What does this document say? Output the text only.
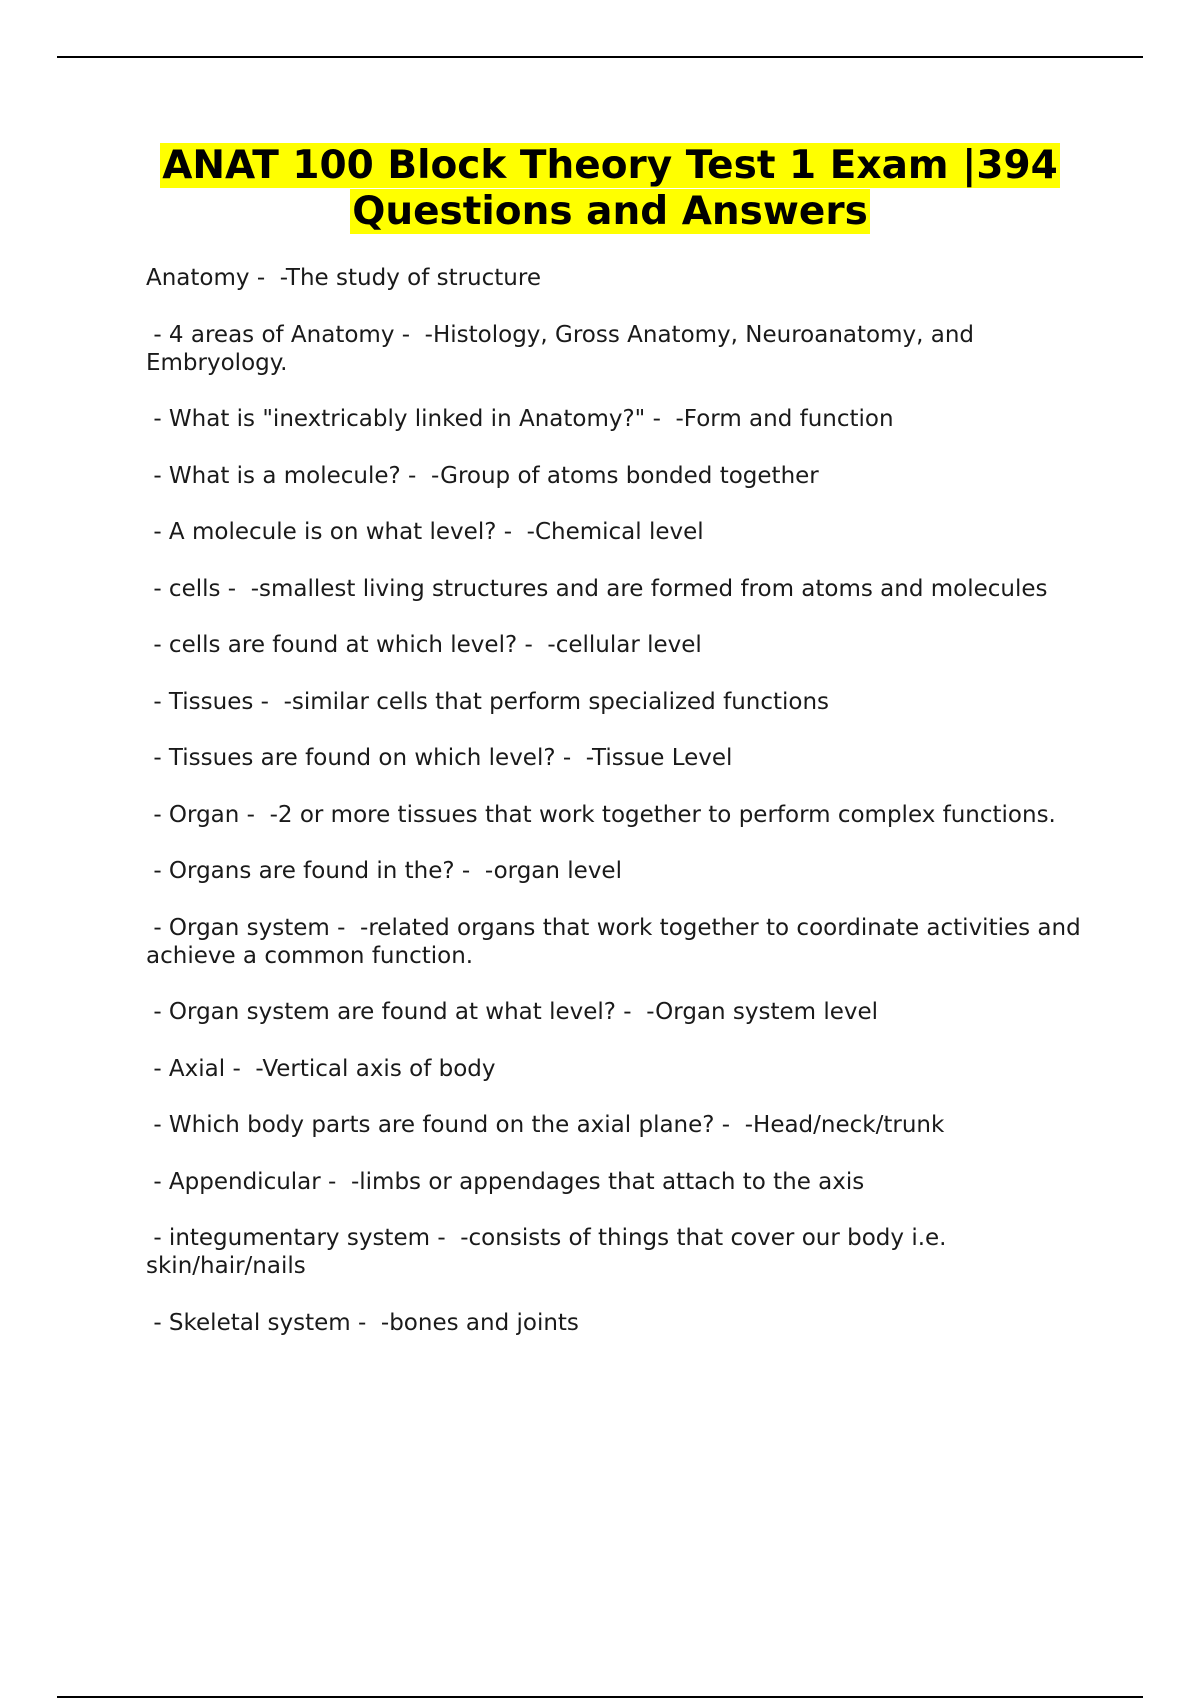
ANAT 100 Block Theory Test 1 Exam |394
Questions and Answers
Anatomy -  -The study of structure
- 4 areas of Anatomy -  -Histology, Gross Anatomy, Neuroanatomy, and Embryology.
- What is "inextricably linked in Anatomy?" -  -Form and function
- What is a molecule? -  -Group of atoms bonded together
- A molecule is on what level? -  -Chemical level
- cells -  -smallest living structures and are formed from atoms and molecules
- cells are found at which level? -  -cellular level
- Tissues -  -similar cells that perform specialized functions
- Tissues are found on which level? -  -Tissue Level
- Organ -  -2 or more tissues that work together to perform complex functions.
- Organs are found in the? -  -organ level
- Organ system -  -related organs that work together to coordinate activities and achieve a common function.
- Organ system are found at what level? -  -Organ system level
- Axial -  -Vertical axis of body
- Which body parts are found on the axial plane? -  -Head/neck/trunk
- Appendicular -  -limbs or appendages that attach to the axis
- integumentary system -  -consists of things that cover our body i.e. skin/hair/nails
- Skeletal system -  -bones and joints
